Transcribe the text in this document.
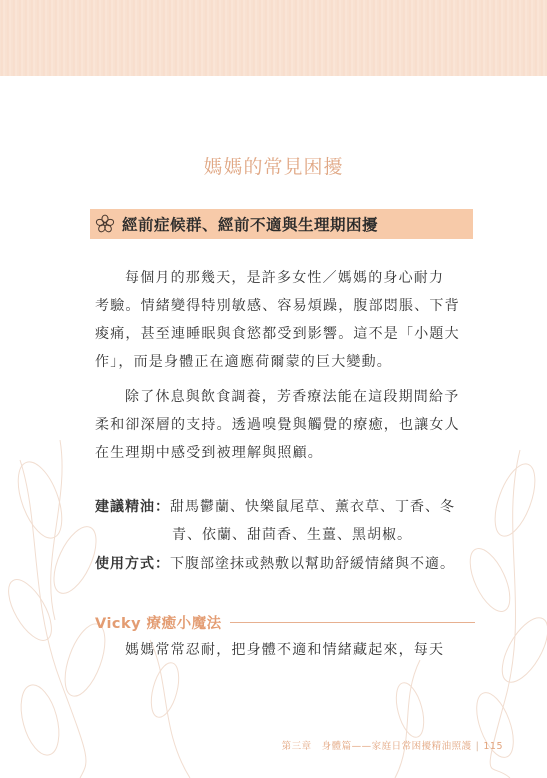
媽媽的常見困擾
經前症候群、經前不適與生理期困擾

每個月的那幾天，是許多女性／媽媽的身心耐力
考驗。情緒變得特別敏感、容易煩躁，腹部悶脹、下背
痠痛，甚至連睡眠與食慾都受到影響。這不是「小題大
作」，而是身體正在適應荷爾蒙的巨大變動。

除了休息與飲食調養，芳香療法能在這段期間給予
柔和卻深層的支持。透過嗅覺與觸覺的療癒，也讓女人
在生理期中感受到被理解與照顧。

建議精油：甜馬鬱蘭、快樂鼠尾草、薰衣草、丁香、冬
青、依蘭、甜茴香、生薑、黑胡椒。
使用方式：下腹部塗抹或熱敷以幫助舒緩情緒與不適。
Vicky 療癒小魔法

媽媽常常忍耐，把身體不適和情緒藏起來，每天

第三章　身體篇——家庭日常困擾精油照護 | 115
